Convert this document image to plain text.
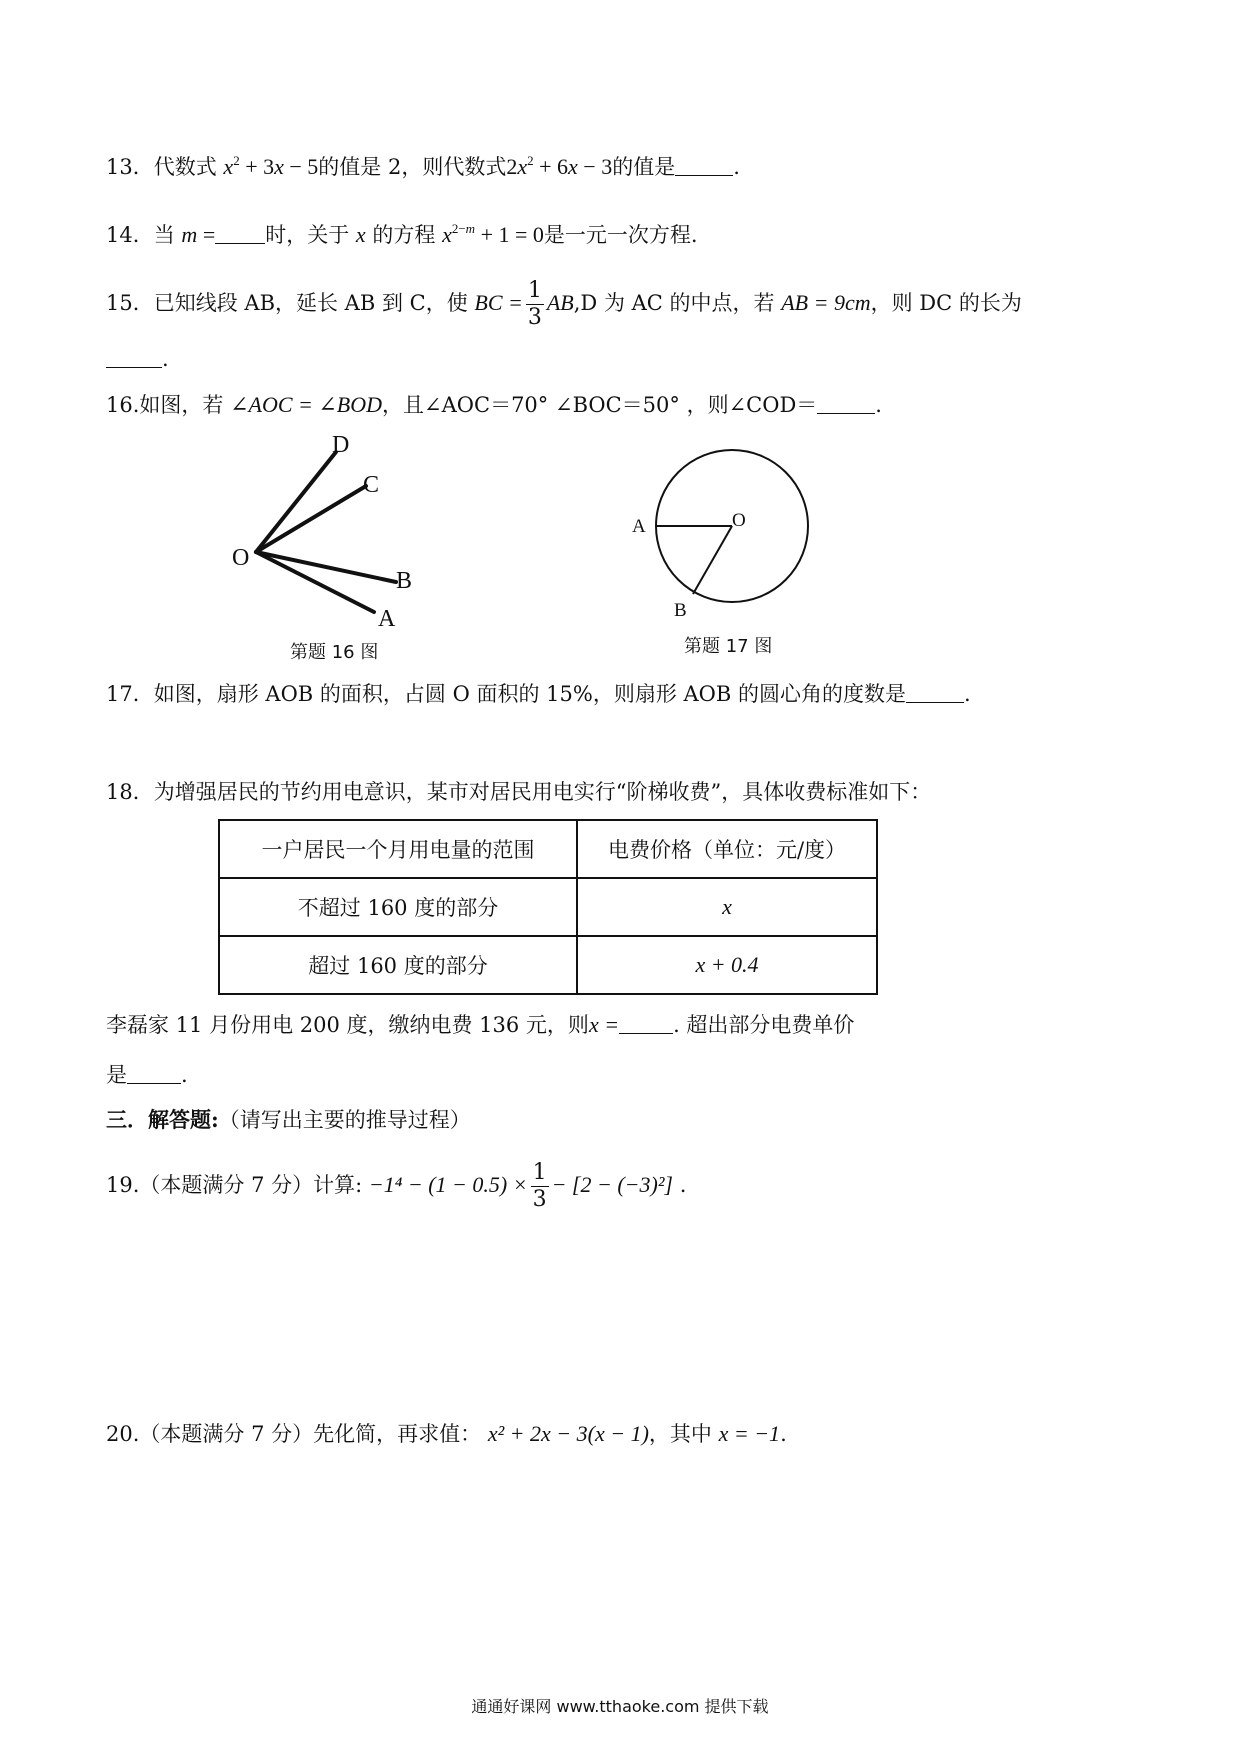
13．代数式 $x^2 + 3x - 5$的值是 2，则代数式$2x^2 + 6x - 3$的值是	.
14．当 m = 时，关于 x 的方程 $x^{2-m} + 1 = 0$是一元一次方程.
15．已知线段 AB，延长 AB 到 C，使 BC = $\frac{1}{3} AB,D$ 为 AC 的中点，若 AB = 9cm，则 DC 的长为
.
16.如图，若 ∠AOC = ∠BOD，且∠AOC＝70° ∠BOC＝50° ，则∠COD＝	.
D
C
O
B
A
第题 16 图
A	O
B
第题 17 图
17．如图，扇形 AOB 的面积，占圆 O 面积的 15%，则扇形 AOB 的圆心角的度数是	.
18．为增强居民的节约用电意识，某市对居民用电实行“阶梯收费”，具体收费标准如下：
一户居民一个月用电量的范围	电费价格（单位：元/度）
不超过 160 度的部分	x
超过 160 度的部分	x + 0.4
李磊家 11 月份用电 200 度，缴纳电费 136 元，则x =	. 超出部分电费单价
是	.
三．解答题:（请写出主要的推导过程）
19.（本题满分 7 分）计算: $-1^4 - (1 - 0.5) \times \frac{1}{3} - [2 - (-3)^2]$ .
20.（本题满分 7 分）先化简，再求值： x² + 2x − 3(x − 1)，其中 x = −1.
通通好课网 www.tthaoke.com 提供下载
